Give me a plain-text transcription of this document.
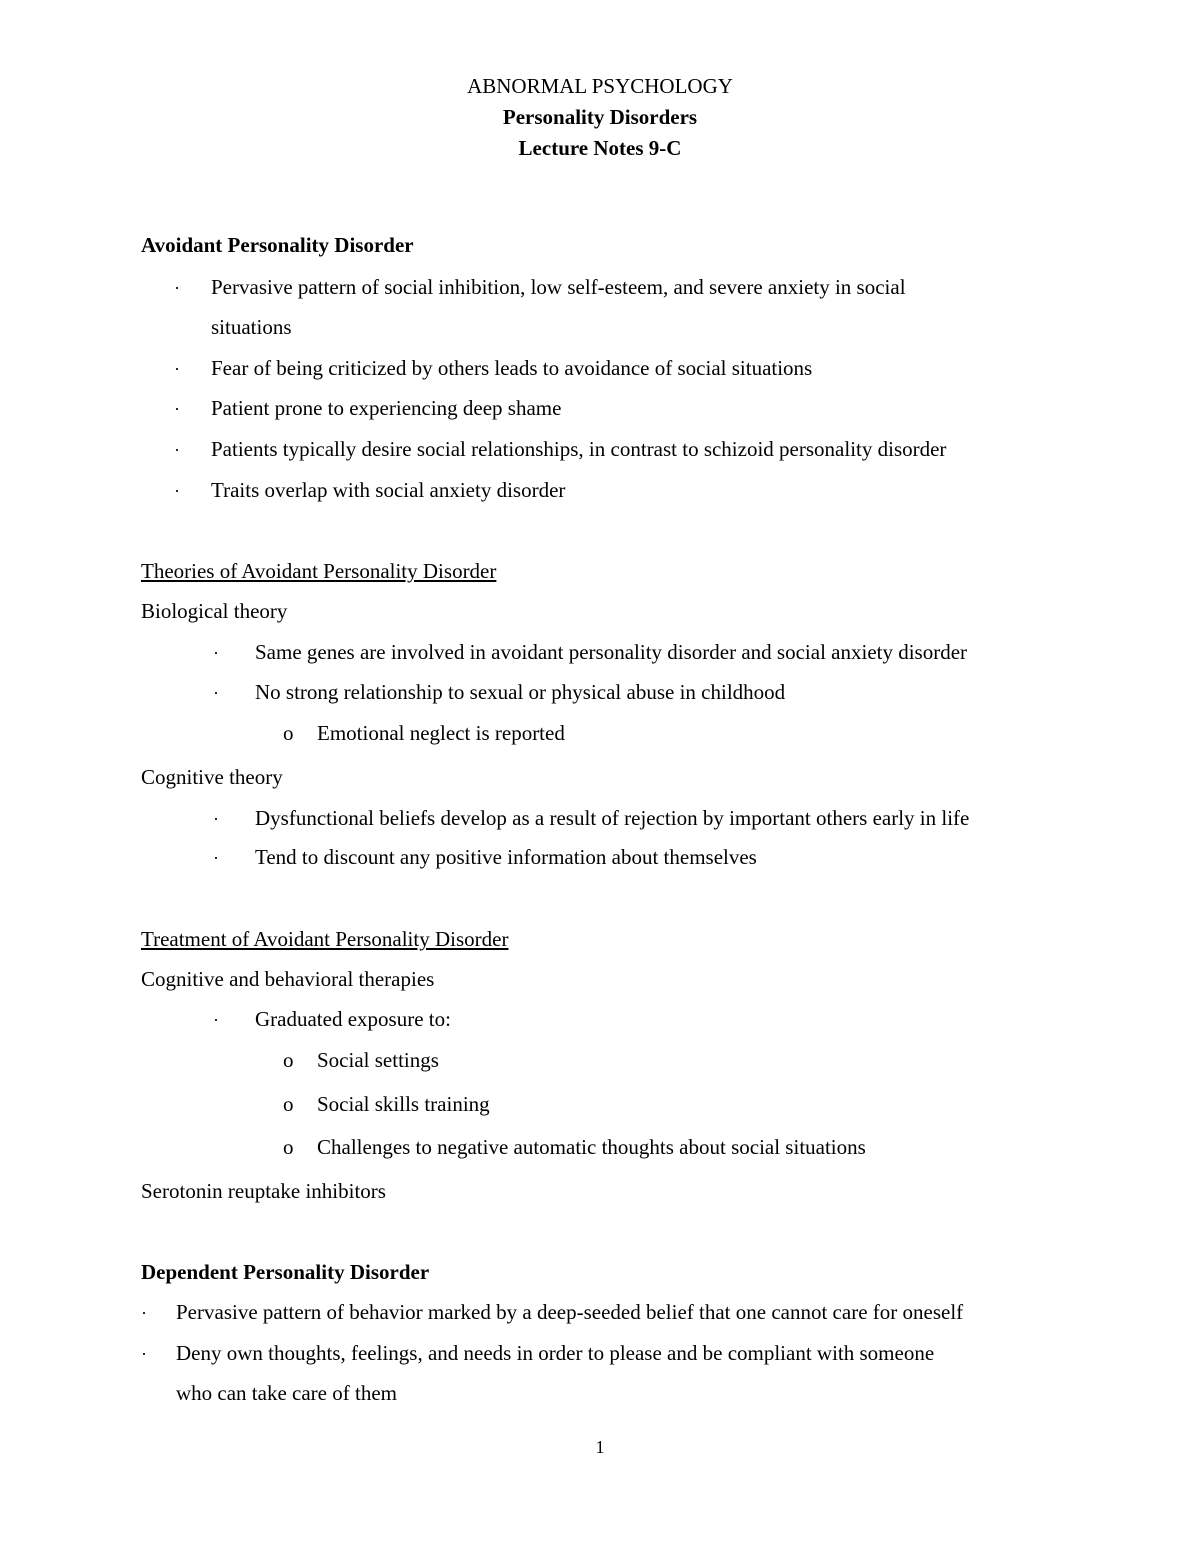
ABNORMAL PSYCHOLOGY
Personality Disorders
Lecture Notes 9-C
Avoidant Personality Disorder
· Pervasive pattern of social inhibition, low self-esteem, and severe anxiety in social
situations
· Fear of being criticized by others leads to avoidance of social situations
· Patient prone to experiencing deep shame
· Patients typically desire social relationships, in contrast to schizoid personality disorder
· Traits overlap with social anxiety disorder
Theories of Avoidant Personality Disorder
Biological theory
· Same genes are involved in avoidant personality disorder and social anxiety disorder
· No strong relationship to sexual or physical abuse in childhood
o Emotional neglect is reported
Cognitive theory
· Dysfunctional beliefs develop as a result of rejection by important others early in life
· Tend to discount any positive information about themselves
Treatment of Avoidant Personality Disorder
Cognitive and behavioral therapies
· Graduated exposure to:
o Social settings
o Social skills training
o Challenges to negative automatic thoughts about social situations
Serotonin reuptake inhibitors
Dependent Personality Disorder
· Pervasive pattern of behavior marked by a deep-seeded belief that one cannot care for oneself
· Deny own thoughts, feelings, and needs in order to please and be compliant with someone
who can take care of them
1
